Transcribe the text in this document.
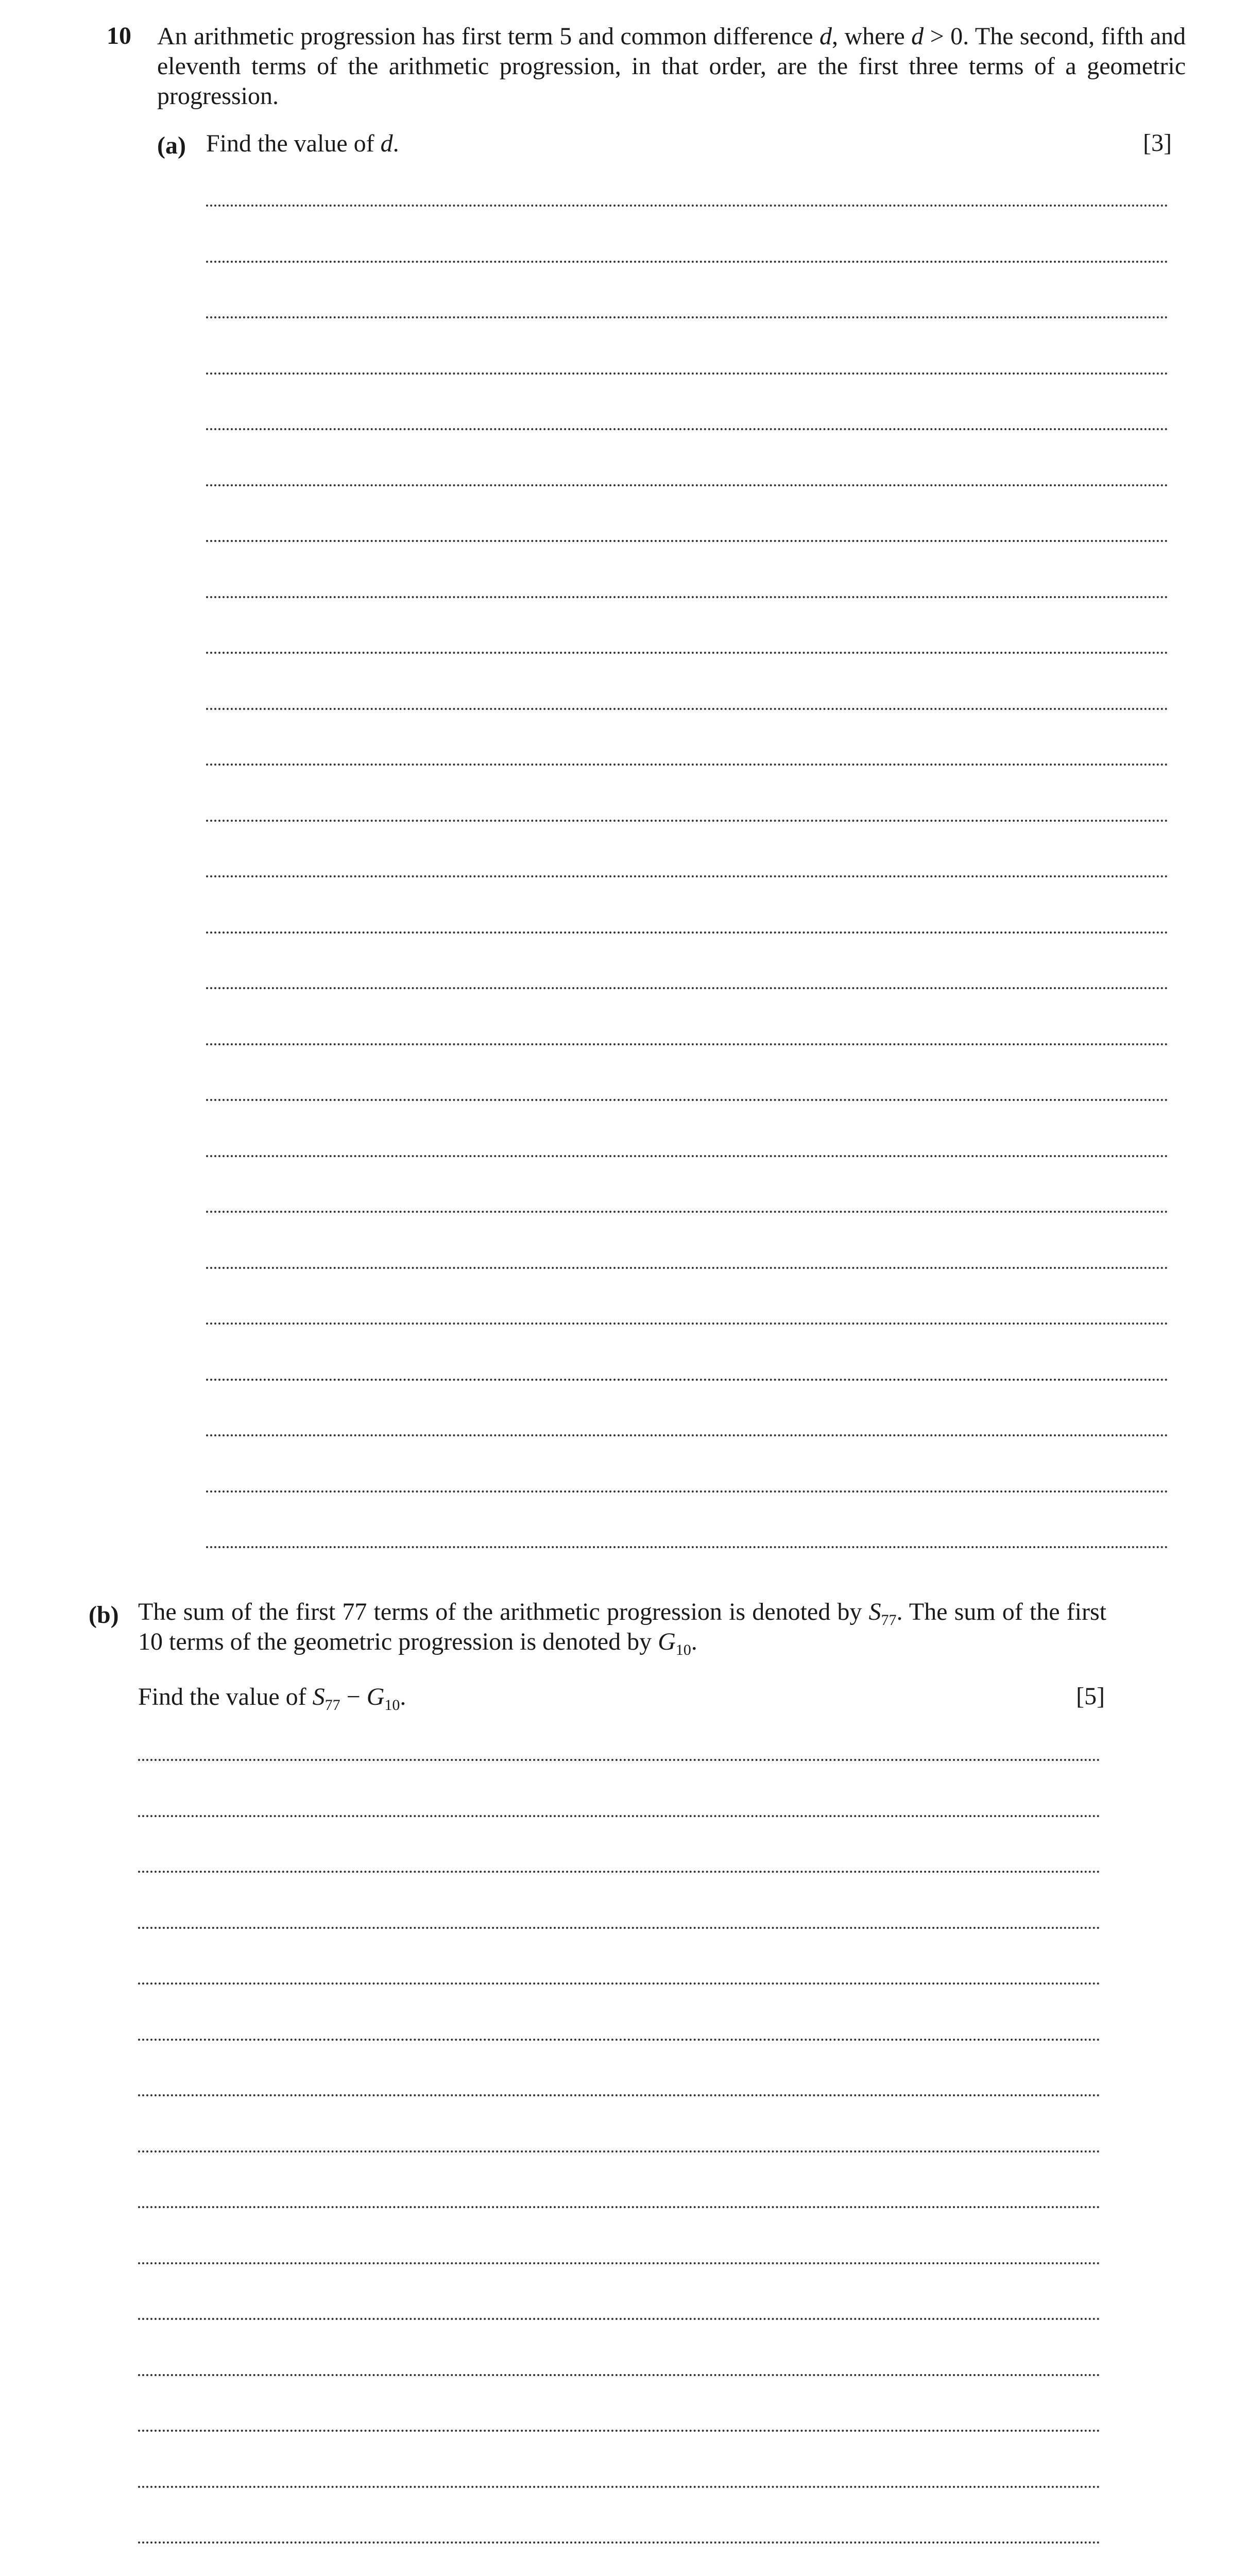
10 An arithmetic progression has first term 5 and common difference d, where d > 0. The second, fifth and eleventh terms of the arithmetic progression, in that order, are the first three terms of a geometric progression.

(a) Find the value of d.	[3]
(b) The sum of the first 77 terms of the arithmetic progression is denoted by $S_{77}$. The sum of the first 10 terms of the geometric progression is denoted by $G_{10}$.
Find the value of $S_{77} - G_{10}$.	[5]
